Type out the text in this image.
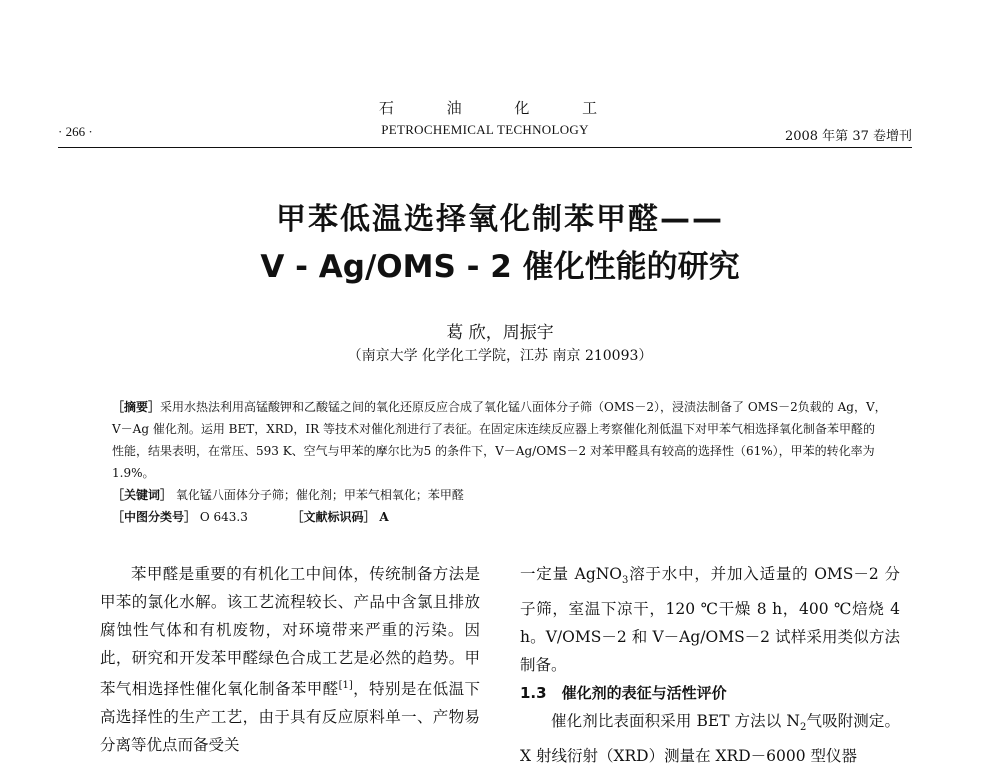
石 油 化 工
· 266 ·	PETROCHEMICAL TECHNOLOGY	2008 年第 37 卷增刊
甲苯低温选择氧化制苯甲醛——
V - Ag/OMS - 2 催化性能的研究
葛 欣，周振宇
（南京大学 化学化工学院，江苏 南京 210093）
［摘要］采用水热法利用高锰酸钾和乙酸锰之间的氧化还原反应合成了氧化锰八面体分子筛（OMS－2），浸渍法制备了 OMS－2负载的 Ag，V，V－Ag 催化剂。运用 BET，XRD，IR 等技术对催化剂进行了表征。在固定床连续反应器上考察催化剂低温下对甲苯气相选择氧化制备苯甲醛的性能，结果表明，在常压、593 K、空气与甲苯的摩尔比为5 的条件下，V－Ag/OMS－2 对苯甲醛具有较高的选择性（61%），甲苯的转化率为 1.9%。
［关键词］ 氧化锰八面体分子筛；催化剂；甲苯气相氧化；苯甲醛
［中图分类号］ O 643.3	［文献标识码］ A

苯甲醛是重要的有机化工中间体，传统制备方法是甲苯的氯化水解。该工艺流程较长、产品中含氯且排放腐蚀性气体和有机废物，对环境带来严重的污染。因此，研究和开发苯甲醛绿色合成工艺是必然的趋势。甲苯气相选择性催化氧化制备苯甲醛[1]，特别是在低温下高选择性的生产工艺，由于具有反应原料单一、产物易分离等优点而备受关

一定量 AgNO$_3$溶于水中，并加入适量的 OMS－2 分子筛，室温下凉干，120 ℃干燥 8 h，400 ℃焙烧 4 h。V/OMS－2 和 V－Ag/OMS－2 试样采用类似方法制备。

1.3　催化剂的表征与活性评价

催化剂比表面积采用 BET 方法以 $N_2$气吸附测定。X 射线衍射（XRD）测量在 XRD－6000 型仪器
